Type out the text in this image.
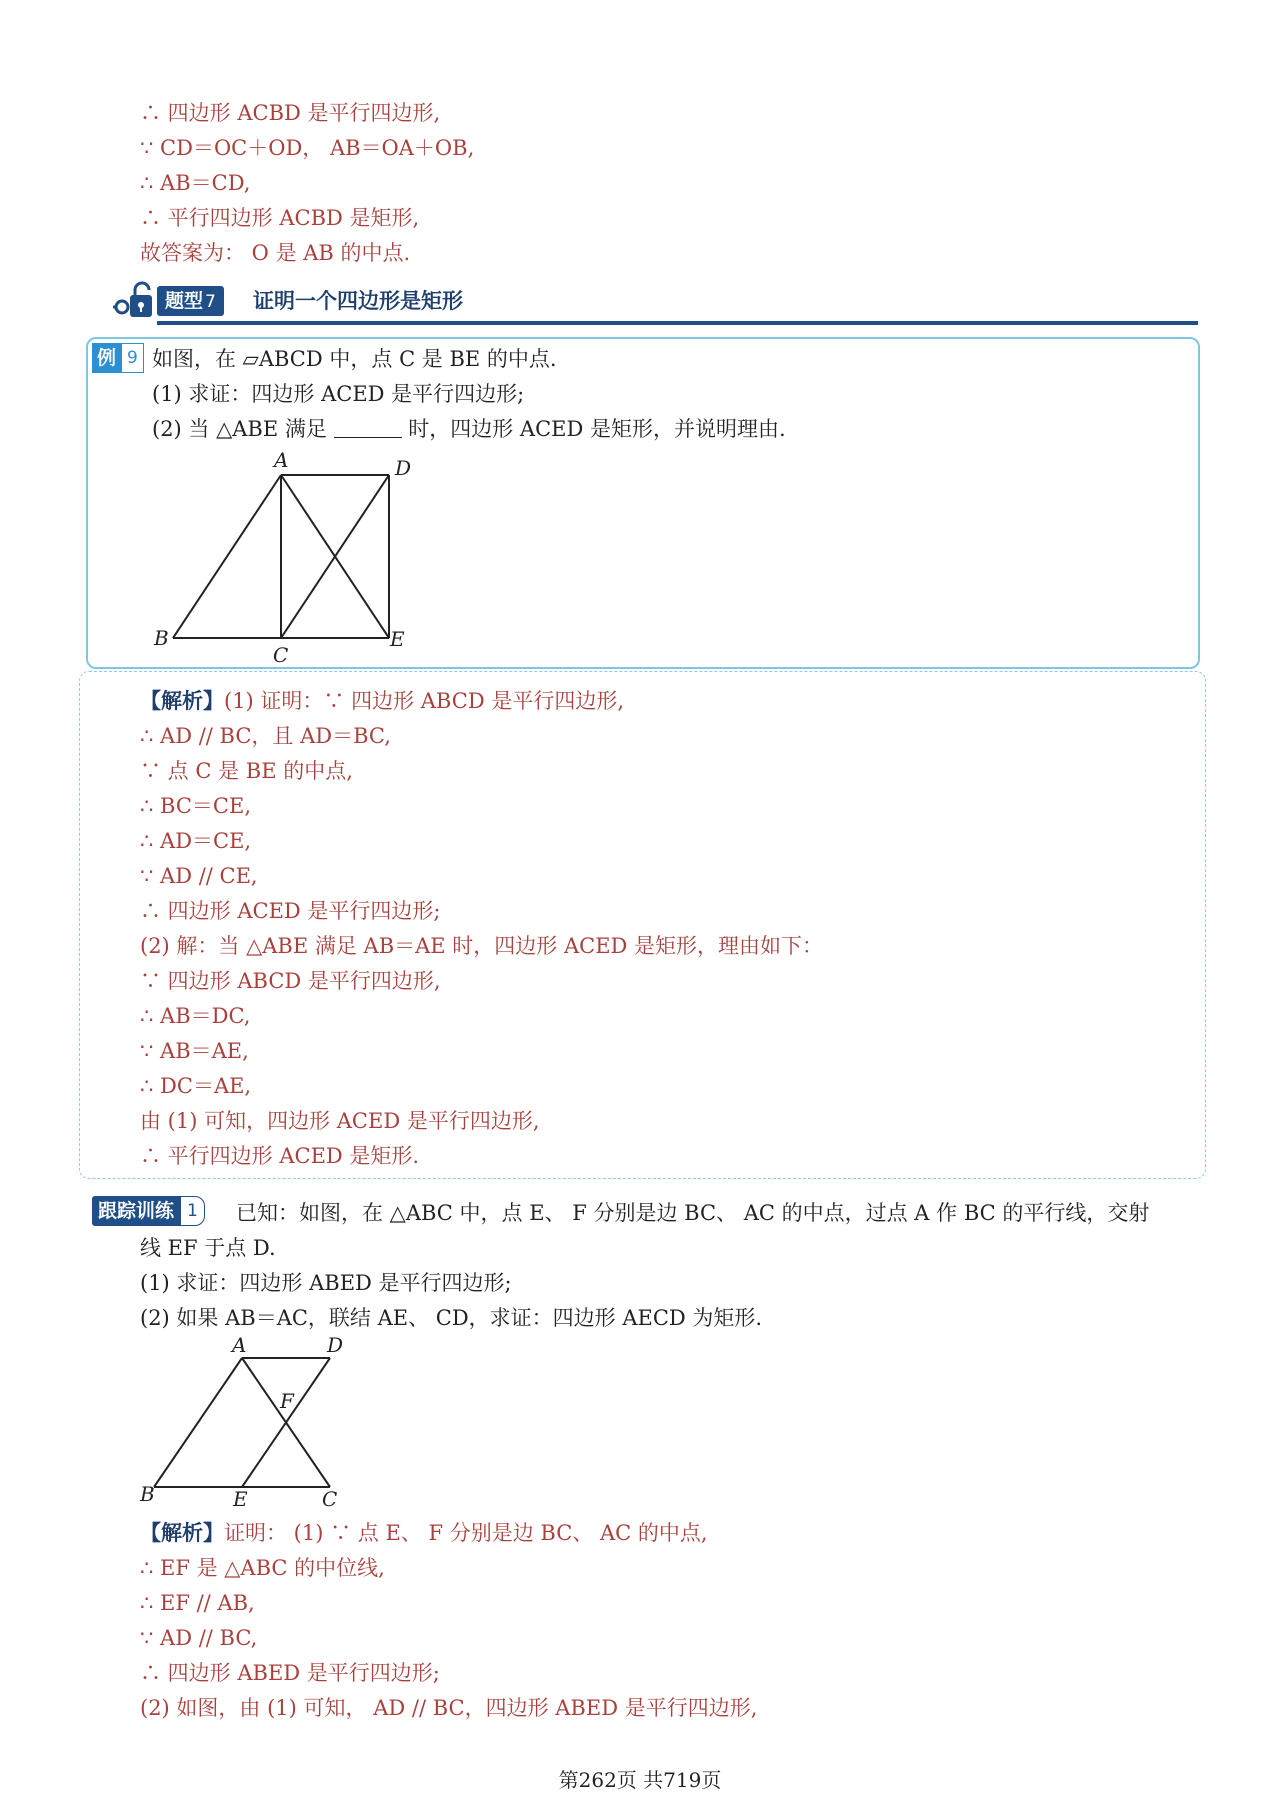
∴ 四边形 ACBD 是平行四边形,
∵ CD＝OC＋OD， AB＝OA＋OB,
∴ AB＝CD,
∴ 平行四边形 ACBD 是矩形,
故答案为： O 是 AB 的中点.
题型 7	证明一个四边形是矩形
例 9 如图，在 ▱ABCD 中，点 C 是 BE 的中点.
(1) 求证：四边形 ACED 是平行四边形;
(2) 当 △ABE 满足	时，四边形 ACED 是矩形，并说明理由.
A	D
B
C
E
【解析】(1) 证明：∵ 四边形 ABCD 是平行四边形,
∴ AD // BC，且 AD＝BC,
∵ 点 C 是 BE 的中点,
∴ BC＝CE,
∴ AD＝CE,
∵ AD // CE,
∴ 四边形 ACED 是平行四边形;
(2) 解：当 △ABE 满足 AB＝AE 时，四边形 ACED 是矩形，理由如下：
∵ 四边形 ABCD 是平行四边形,
∴ AB＝DC,
∵ AB＝AE,
∴ DC＝AE,
由 (1) 可知，四边形 ACED 是平行四边形,
∴ 平行四边形 ACED 是矩形.
跟踪训练 1	已知：如图，在 △ABC 中，点 E、 F 分别是边 BC、 AC 的中点，过点 A 作 BC 的平行线，交射
线 EF 于点 D.
(1) 求证：四边形 ABED 是平行四边形;
(2) 如果 AB＝AC，联结 AE、 CD，求证：四边形 AECD 为矩形.
A	D
F
B	E	C
【解析】证明： (1) ∵ 点 E、 F 分别是边 BC、 AC 的中点,
∴ EF 是 △ABC 的中位线,
∴ EF // AB,
∵ AD // BC,
∴ 四边形 ABED 是平行四边形;
(2) 如图，由 (1) 可知， AD // BC，四边形 ABED 是平行四边形,
第262页 共719页
